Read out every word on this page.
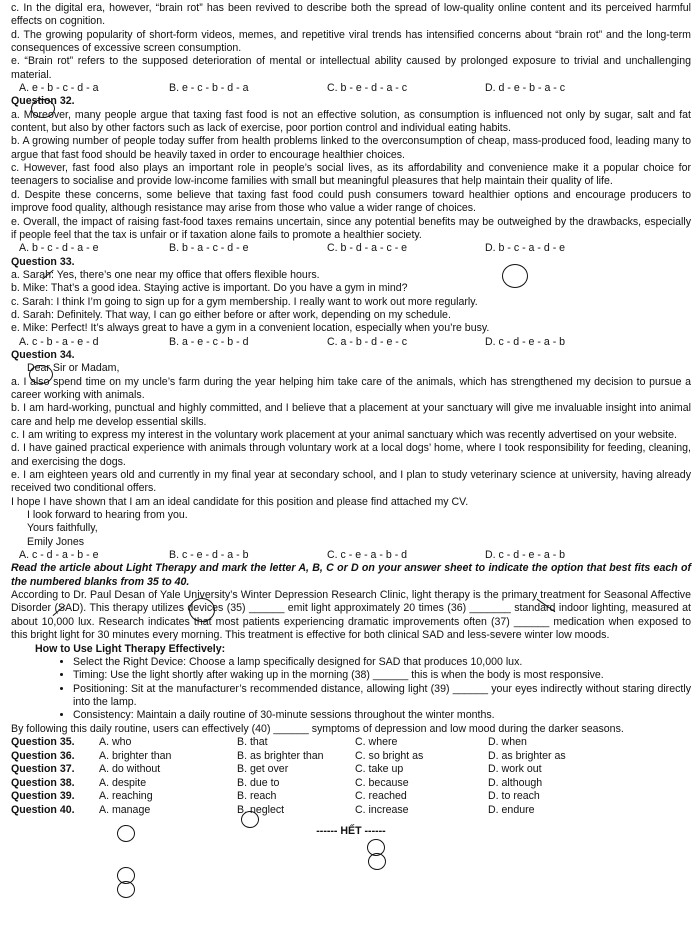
c. In the digital era, however, “brain rot” has been revived to describe both the spread of low-quality online content and its perceived harmful effects on cognition.

d. The growing popularity of short-form videos, memes, and repetitive viral trends has intensified concerns about “brain rot” and the long-term consequences of excessive screen consumption.

e. “Brain rot” refers to the supposed deterioration of mental or intellectual ability caused by prolonged exposure to trivial and unchallenging material.

A. e - b - c - d - a	B. e - c - b - d - a	C. b - e - d - a - c	D. d - e - b - a - c

Question 32.

a. Moreover, many people argue that taxing fast food is not an effective solution, as consumption is influenced not only by sugar, salt and fat content, but also by other factors such as lack of exercise, poor portion control and individual eating habits.

b. A growing number of people today suffer from health problems linked to the overconsumption of cheap, mass-produced food, leading many to argue that fast food should be heavily taxed in order to encourage healthier choices.

c. However, fast food also plays an important role in people’s social lives, as its affordability and convenience make it a popular choice for teenagers to socialise and provide low-income families with small but meaningful pleasures that help maintain their quality of life.

d. Despite these concerns, some believe that taxing fast food could push consumers toward healthier options and encourage producers to improve food quality, although resistance may arise from those who value a wider range of choices.

e. Overall, the impact of raising fast-food taxes remains uncertain, since any potential benefits may be outweighed by the drawbacks, especially if people feel that the tax is unfair or if taxation alone fails to promote a healthier society.

A. b - c - d - a - e	B. b - a - c - d - e	C. b - d - a - c - e	D. b - c - a - d - e

Question 33.

a. Sarah: Yes, there’s one near my office that offers flexible hours.

b. Mike: That’s a good idea. Staying active is important. Do you have a gym in mind?

c. Sarah: I think I’m going to sign up for a gym membership. I really want to work out more regularly.

d. Sarah: Definitely. That way, I can go either before or after work, depending on my schedule.

e. Mike: Perfect! It’s always great to have a gym in a convenient location, especially when you’re busy.

A. c - b - a - e - d	B. a - e - c - b - d	C. a - b - d - e - c	D. c - d - e - a - b

Question 34.

Dear Sir or Madam,

a. I also spend time on my uncle’s farm during the year helping him take care of the animals, which has strengthened my decision to pursue a career working with animals.

b. I am hard-working, punctual and highly committed, and I believe that a placement at your sanctuary will give me invaluable insight into animal care and help me develop essential skills.

c. I am writing to express my interest in the voluntary work placement at your animal sanctuary which was recently advertised on your website.

d. I have gained practical experience with animals through voluntary work at a local dogs’ home, where I took responsibility for feeding, cleaning, and exercising the dogs.

e. I am eighteen years old and currently in my final year at secondary school, and I plan to study veterinary science at university, having already received two conditional offers.

I hope I have shown that I am an ideal candidate for this position and please find attached my CV.

I look forward to hearing from you.

Yours faithfully,

Emily Jones

A. c - d - a - b - e	B. c - e - d - a - b	C. c - e - a - b - d	D. c - d - e - a - b

Read the article about Light Therapy and mark the letter A, B, C or D on your answer sheet to indicate the option that best fits each of the numbered blanks from 35 to 40.

According to Dr. Paul Desan of Yale University’s Winter Depression Research Clinic, light therapy is the primary treatment for Seasonal Affective Disorder (SAD). This therapy utilizes devices (35) ______ emit light approximately 20 times (36) _______ standard indoor lighting, measured at about 10,000 lux. Research indicates that most patients experiencing dramatic improvements often (37) ______ medication when exposed to this bright light for 30 minutes every morning. This treatment is effective for both clinical SAD and less-severe winter low moods.

How to Use Light Therapy Effectively:

• Select the Right Device: Choose a lamp specifically designed for SAD that produces 10,000 lux.
• Timing: Use the light shortly after waking up in the morning (38) ______ this is when the body is most responsive.
• Positioning: Sit at the manufacturer’s recommended distance, allowing light (39) ______ your eyes indirectly without staring directly into the lamp.
• Consistency: Maintain a daily routine of 30-minute sessions throughout the winter months.

By following this daily routine, users can effectively (40) ______ symptoms of depression and low mood during the darker seasons.

Question 35.	A. who	B. that	C. where	D. when
Question 36.	A. brighter than	B. as brighter than	C. so bright as	D. as brighter as
Question 37.	A. do without	B. get over	C. take up	D. work out
Question 38.	A. despite	B. due to	C. because	D. although
Question 39.	A. reaching	B. reach	C. reached	D. to reach
Question 40.	A. manage	B. neglect	C. increase	D. endure

------ HẾT ------
